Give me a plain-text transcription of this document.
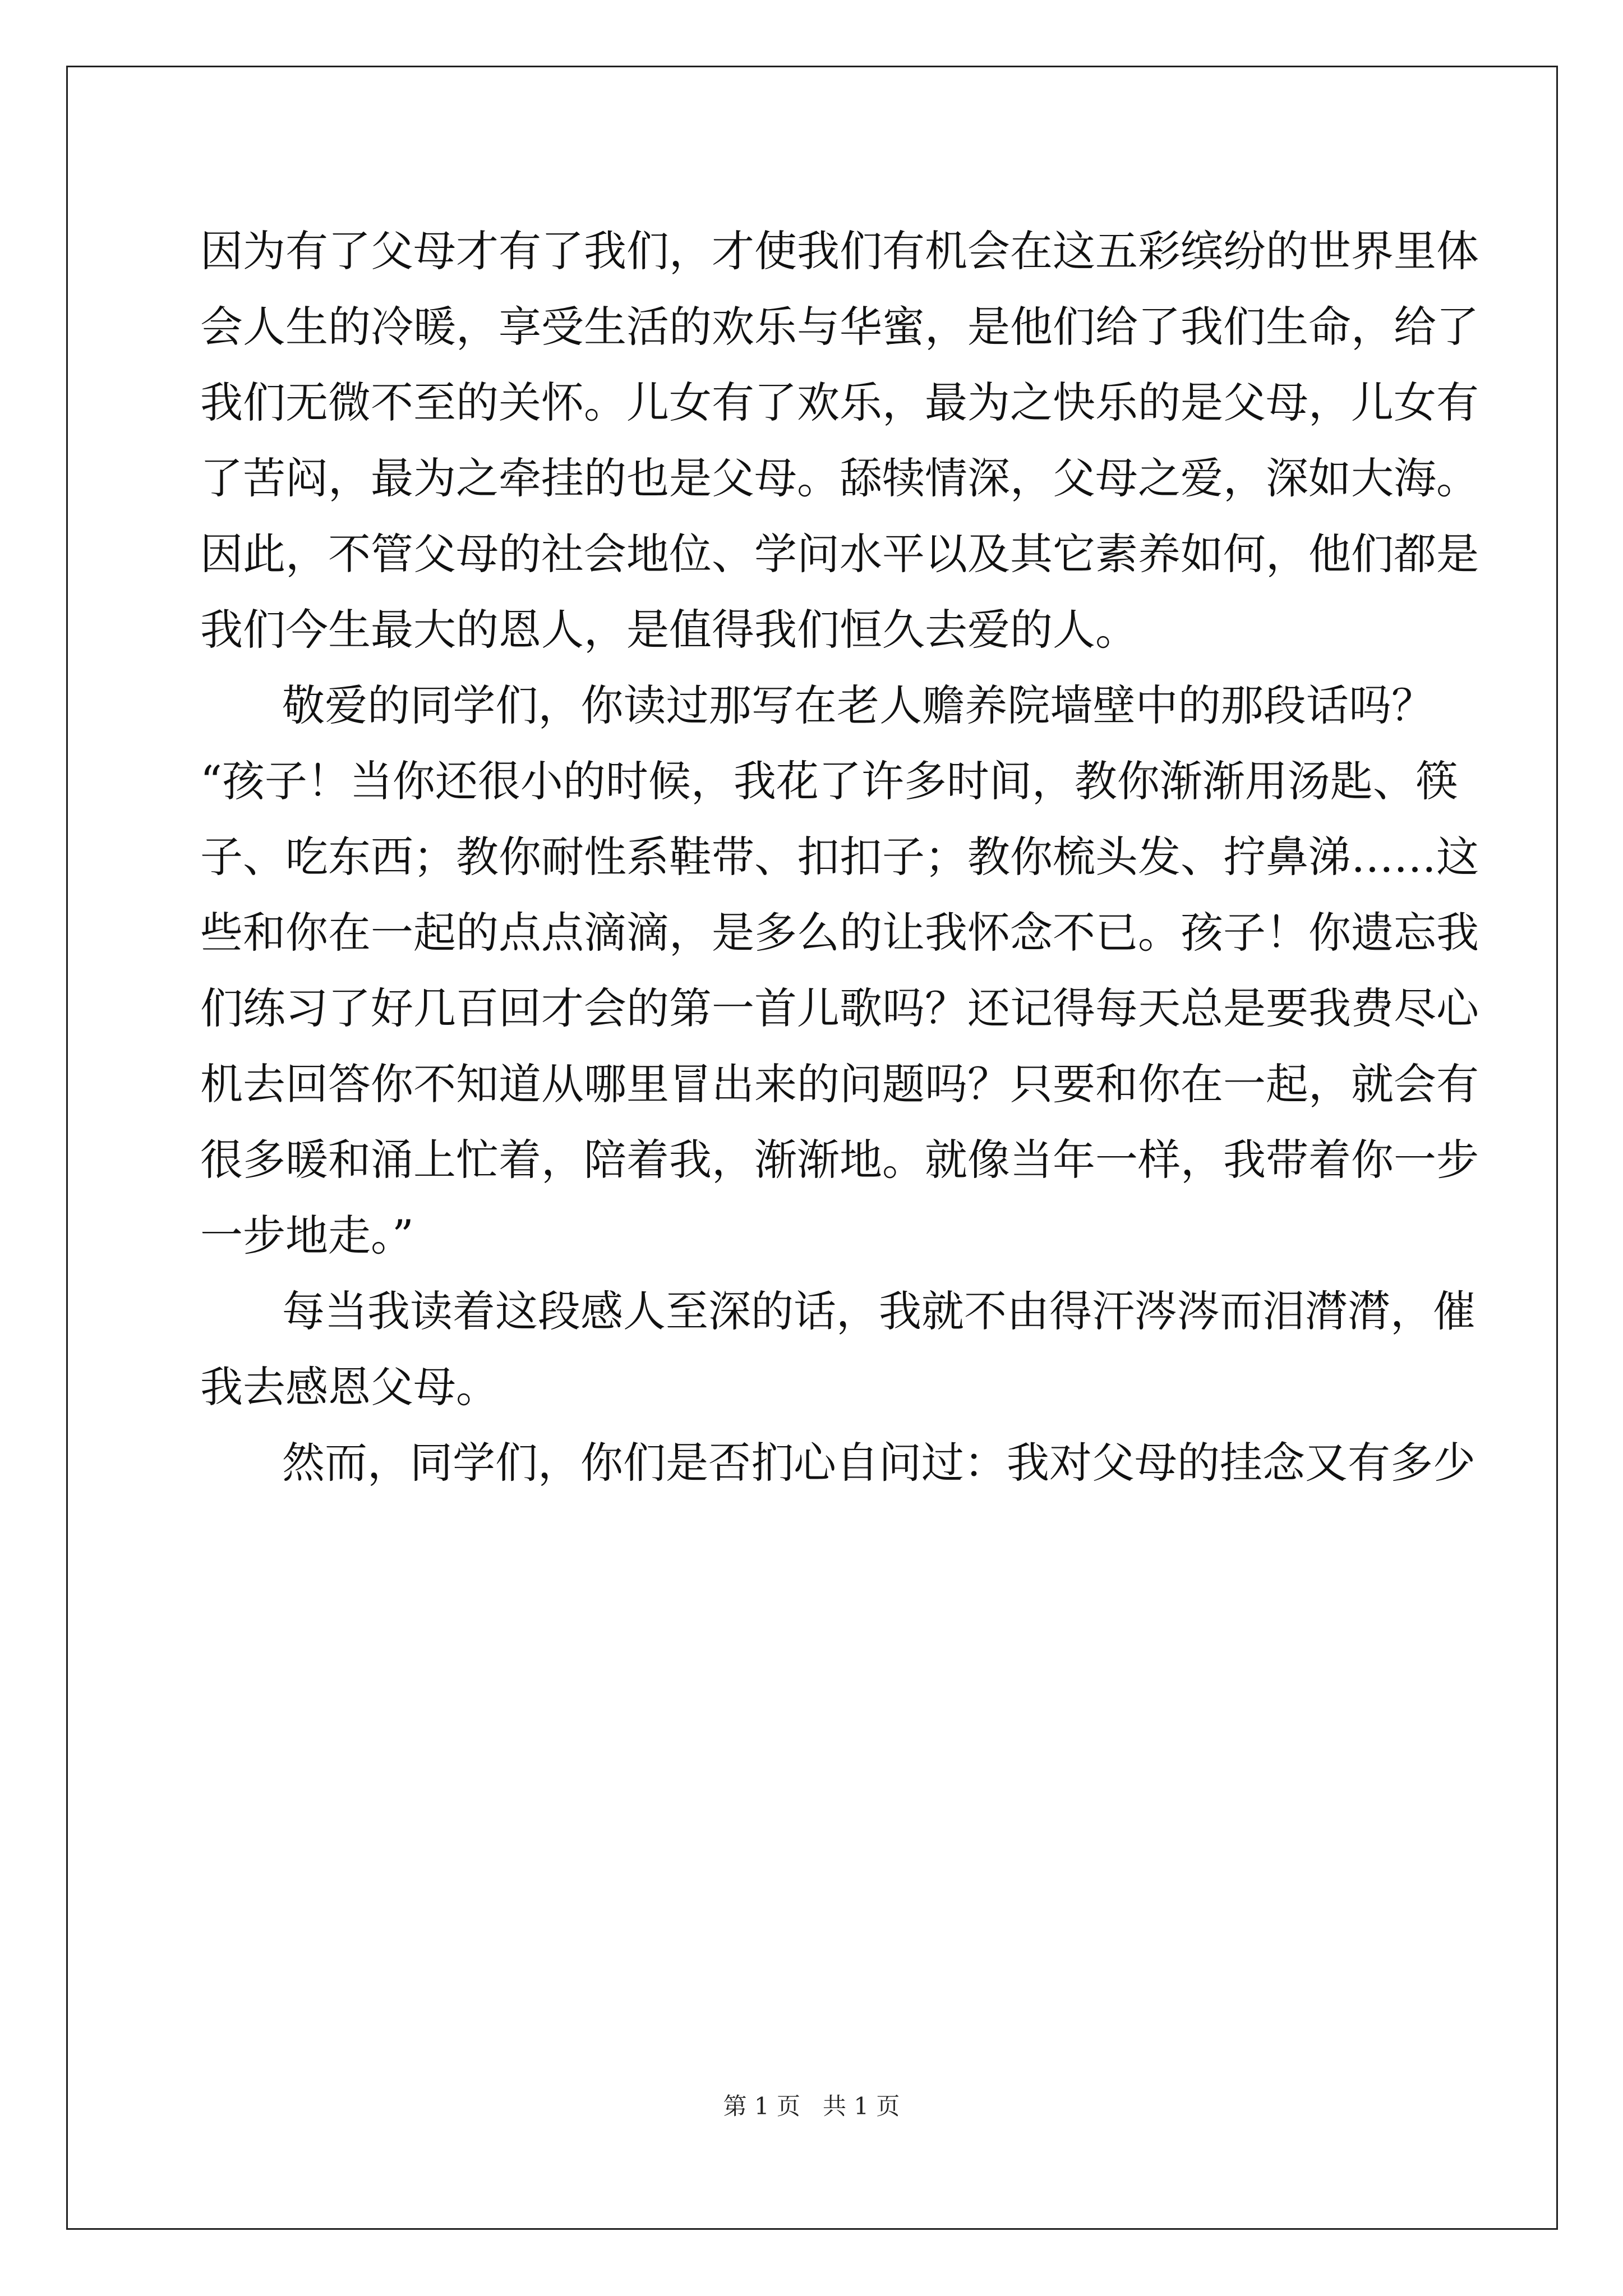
因为有了父母才有了我们，才使我们有机会在这五彩缤纷的世界里体
会人生的冷暖，享受生活的欢乐与华蜜，是他们给了我们生命，给了
我们无微不至的关怀。儿女有了欢乐，最为之快乐的是父母，儿女有
了苦闷，最为之牵挂的也是父母。舔犊情深，父母之爱，深如大海。
因此，不管父母的社会地位、学问水平以及其它素养如何，他们都是
我们今生最大的恩人，是值得我们恒久去爱的人。
敬爱的同学们，你读过那写在老人赡养院墙壁中的那段话吗？
“孩子！当你还很小的时候，我花了许多时间，教你渐渐用汤匙、筷
子、吃东西；教你耐性系鞋带、扣扣子；教你梳头发、拧鼻涕……这
些和你在一起的点点滴滴，是多么的让我怀念不已。孩子！你遗忘我
们练习了好几百回才会的第一首儿歌吗？还记得每天总是要我费尽心
机去回答你不知道从哪里冒出来的问题吗？只要和你在一起，就会有
很多暖和涌上忙着，陪着我，渐渐地。就像当年一样，我带着你一步
一步地走。”
每当我读着这段感人至深的话，我就不由得汗涔涔而泪潸潸，催
我去感恩父母。
然而，同学们，你们是否扪心自问过：我对父母的挂念又有多少
第 1 页 共 1 页
